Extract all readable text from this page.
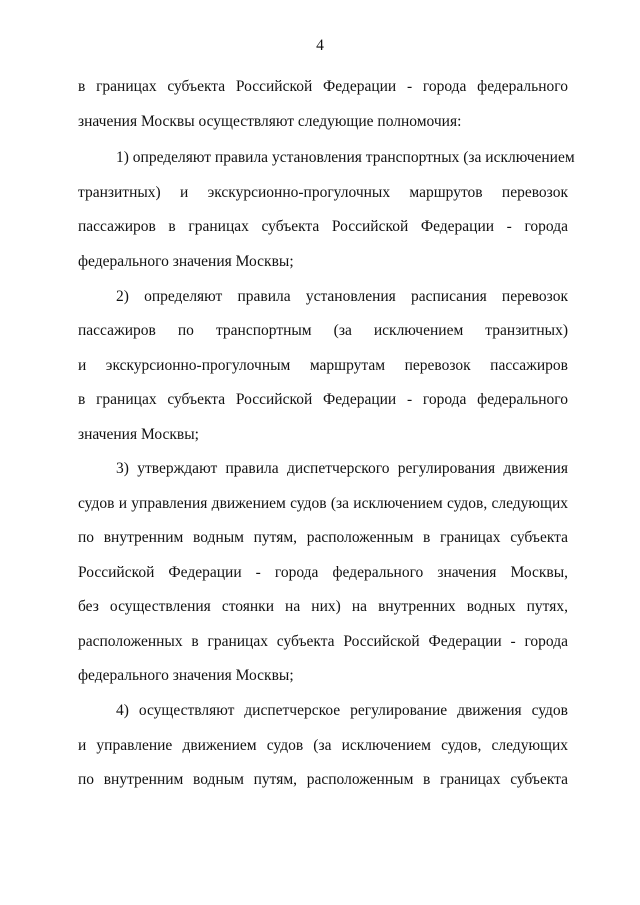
4
в границах субъекта Российской Федерации - города федерального
значения Москвы осуществляют следующие полномочия:
1) определяют правила установления транспортных (за исключением
транзитных) и экскурсионно-прогулочных маршрутов перевозок
пассажиров в границах субъекта Российской Федерации - города
федерального значения Москвы;
2) определяют правила установления расписания перевозок
пассажиров по транспортным (за исключением транзитных)
и экскурсионно-прогулочным маршрутам перевозок пассажиров
в границах субъекта Российской Федерации - города федерального
значения Москвы;
3) утверждают правила диспетчерского регулирования движения
судов и управления движением судов (за исключением судов, следующих
по внутренним водным путям, расположенным в границах субъекта
Российской Федерации - города федерального значения Москвы,
без осуществления стоянки на них) на внутренних водных путях,
расположенных в границах субъекта Российской Федерации - города
федерального значения Москвы;
4) осуществляют диспетчерское регулирование движения судов
и управление движением судов (за исключением судов, следующих
по внутренним водным путям, расположенным в границах субъекта
